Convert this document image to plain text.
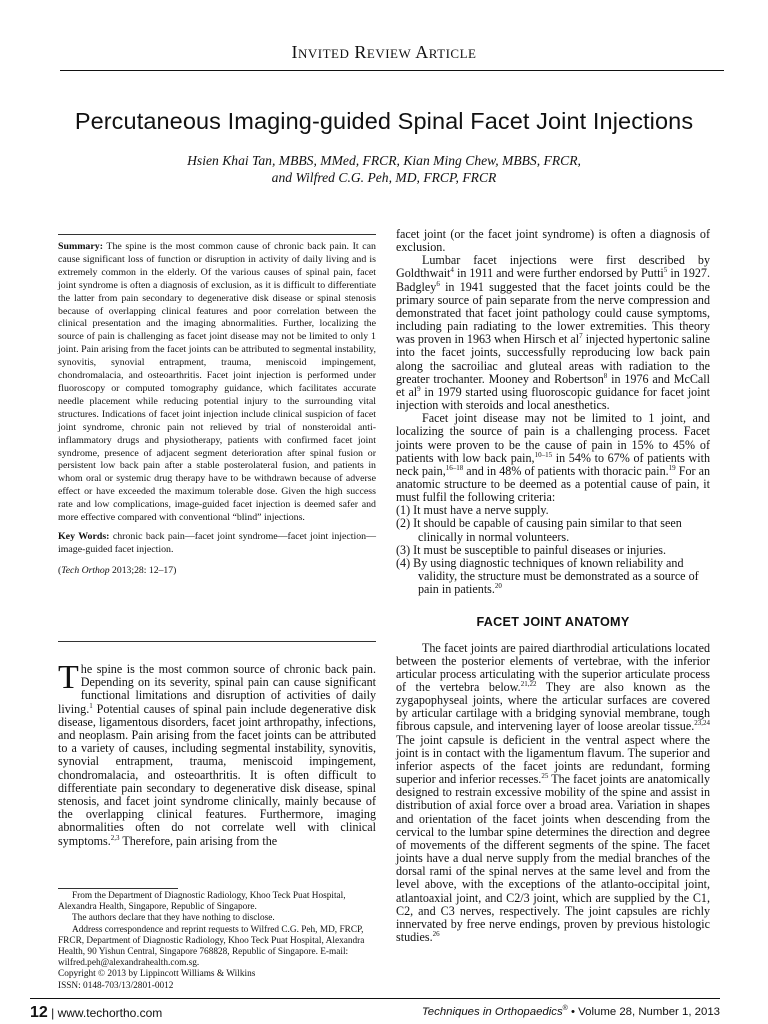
Invited Review Article
Percutaneous Imaging-guided Spinal Facet Joint Injections
Hsien Khai Tan, MBBS, MMed, FRCR, Kian Ming Chew, MBBS, FRCR,
and Wilfred C.G. Peh, MD, FRCP, FRCR

Summary: The spine is the most common cause of chronic back pain. It can cause significant loss of function or disruption in activity of daily living and is extremely common in the elderly. Of the various causes of spinal pain, facet joint syndrome is often a diagnosis of exclusion, as it is difficult to differentiate the latter from pain secondary to degenerative disk disease or spinal stenosis because of overlapping clinical features and poor correlation between the clinical presentation and the imaging abnormalities. Further, localizing the source of pain is challenging as facet joint disease may not be limited to only 1 joint. Pain arising from the facet joints can be attributed to segmental instability, synovitis, synovial entrapment, trauma, meniscoid impingement, chondromalacia, and osteoarthritis. Facet joint injection is performed under fluoroscopy or computed tomography guidance, which facilitates accurate needle placement while reducing potential injury to the surrounding vital structures. Indications of facet joint injection include clinical suspicion of facet joint syndrome, chronic pain not relieved by trial of nonsteroidal anti-inflammatory drugs and physiotherapy, patients with confirmed facet joint syndrome, presence of adjacent segment deterioration after spinal fusion or persistent low back pain after a stable posterolateral fusion, and patients in whom oral or systemic drug therapy have to be withdrawn because of adverse effect or have exceeded the maximum tolerable dose. Given the high success rate and low complications, image-guided facet injection is deemed safer and more effective compared with conventional “blind” injections.

Key Words: chronic back pain—facet joint syndrome—facet joint injection—image-guided facet injection.

(Tech Orthop 2013;28: 12–17)

The spine is the most common source of chronic back pain. Depending on its severity, spinal pain can cause significant functional limitations and disruption of activities of daily living.$^1$ Potential causes of spinal pain include degenerative disk disease, ligamentous disorders, facet joint arthropathy, infections, and neoplasm. Pain arising from the facet joints can be attributed to a variety of causes, including segmental instability, synovitis, synovial entrapment, trauma, meniscoid impingement, chondromalacia, and osteoarthritis. It is often difficult to differentiate pain secondary to degenerative disk disease, spinal stenosis, and facet joint syndrome clinically, mainly because of the overlapping clinical features. Furthermore, imaging abnormalities often do not correlate well with clinical symptoms.$^{2,3}$ Therefore, pain arising from the

From the Department of Diagnostic Radiology, Khoo Teck Puat Hospital, Alexandra Health, Singapore, Republic of Singapore.

The authors declare that they have nothing to disclose.

Address correspondence and reprint requests to Wilfred C.G. Peh, MD, FRCP, FRCR, Department of Diagnostic Radiology, Khoo Teck Puat Hospital, Alexandra Health, 90 Yishun Central, Singapore 768828, Republic of Singapore. E-mail: wilfred.peh@alexandrahealth.com.sg.

Copyright © 2013 by Lippincott Williams & Wilkins

ISSN: 0148-703/13/2801-0012

facet joint (or the facet joint syndrome) is often a diagnosis of exclusion.

Lumbar facet injections were first described by Goldthwait$^4$ in 1911 and were further endorsed by Putti$^5$ in 1927. Badgley$^6$ in 1941 suggested that the facet joints could be the primary source of pain separate from the nerve compression and demonstrated that facet joint pathology could cause symptoms, including pain radiating to the lower extremities. This theory was proven in 1963 when Hirsch et $al^7$ injected hypertonic saline into the facet joints, successfully reproducing low back pain along the sacroiliac and gluteal areas with radiation to the greater trochanter. Mooney and Robertson$^8$ in 1976 and McCall et $al^9$ in 1979 started using fluoroscopic guidance for facet joint injection with steroids and local anesthetics.

Facet joint disease may not be limited to 1 joint, and localizing the source of pain is a challenging process. Facet joints were proven to be the cause of pain in 15% to 45% of patients with low back pain,$^{10-15}$ in 54% to 67% of patients with neck pain,$^{16-18}$ and in 48% of patients with thoracic pain.$^{19}$ For an anatomic structure to be deemed as a potential cause of pain, it must fulfil the following criteria:

(1) It must have a nerve supply.
(2) It should be capable of causing pain similar to that seen clinically in normal volunteers.
(3) It must be susceptible to painful diseases or injuries.
(4) By using diagnostic techniques of known reliability and validity, the structure must be demonstrated as a source of pain in patients.$^{20}$
FACET JOINT ANATOMY

The facet joints are paired diarthrodial articulations located between the posterior elements of vertebrae, with the inferior articular process articulating with the superior articulate process of the vertebra below.$^{21,22}$ They are also known as the zygapophyseal joints, where the articular surfaces are covered by articular cartilage with a bridging synovial membrane, tough fibrous capsule, and intervening layer of loose areolar tissue.$^{23,24}$ The joint capsule is deficient in the ventral aspect where the joint is in contact with the ligamentum flavum. The superior and inferior aspects of the facet joints are redundant, forming superior and inferior recesses.$^{25}$ The facet joints are anatomically designed to restrain excessive mobility of the spine and assist in distribution of axial force over a broad area. Variation in shapes and orientation of the facet joints when descending from the cervical to the lumbar spine determines the direction and degree of movements of the different segments of the spine. The facet joints have a dual nerve supply from the medial branches of the dorsal rami of the spinal nerves at the same level and from the level above, with the exceptions of the atlanto-occipital joint, atlantoaxial joint, and C2/3 joint, which are supplied by the C1, C2, and C3 nerves, respectively. The joint capsules are richly innervated by free nerve endings, proven by previous histologic studies.$^{26}$

12 | www.techortho.com	Techniques in Orthopaedics® • Volume 28, Number 1, 2013
